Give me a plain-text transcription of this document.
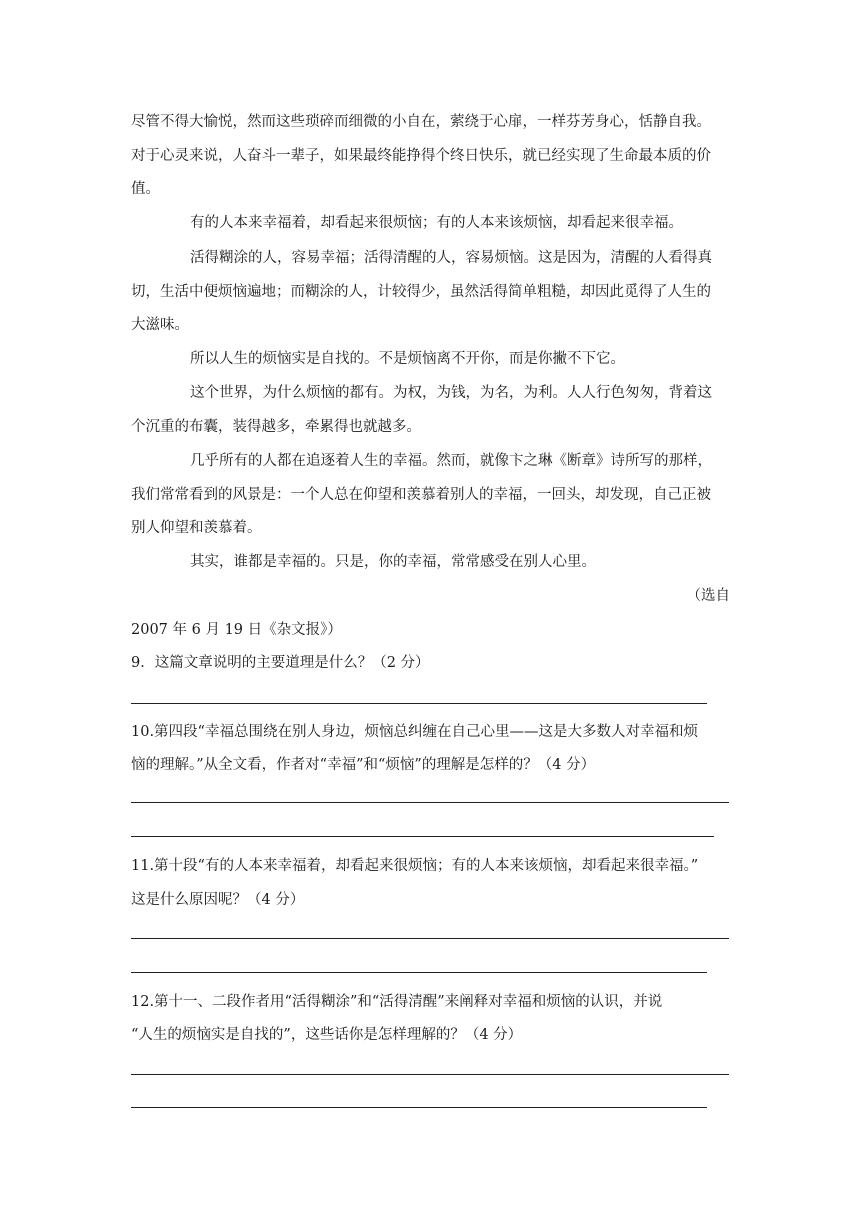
尽管不得大愉悦，然而这些琐碎而细微的小自在，萦绕于心扉，一样芬芳身心，恬静自我。
对于心灵来说，人奋斗一辈子，如果最终能挣得个终日快乐，就已经实现了生命最本质的价
值。
有的人本来幸福着，却看起来很烦恼；有的人本来该烦恼，却看起来很幸福。
活得糊涂的人，容易幸福；活得清醒的人，容易烦恼。这是因为，清醒的人看得真
切，生活中便烦恼遍地；而糊涂的人，计较得少，虽然活得简单粗糙，却因此觅得了人生的
大滋味。
所以人生的烦恼实是自找的。不是烦恼离不开你，而是你撇不下它。
这个世界，为什么烦恼的都有。为权，为钱，为名，为利。人人行色匆匆，背着这
个沉重的布囊，装得越多，牵累得也就越多。
几乎所有的人都在追逐着人生的幸福。然而，就像卞之琳《断章》诗所写的那样，
我们常常看到的风景是：一个人总在仰望和羡慕着别人的幸福，一回头，却发现，自己正被
别人仰望和羡慕着。
其实，谁都是幸福的。只是，你的幸福，常常感受在别人心里。
（选自
2007 年 6 月 19 日《杂文报》）
9．这篇文章说明的主要道理是什么？（2 分）
10.第四段“幸福总围绕在别人身边，烦恼总纠缠在自己心里——这是大多数人对幸福和烦
恼的理解。”从全文看，作者对“幸福”和“烦恼”的理解是怎样的？（4 分）
11.第十段“有的人本来幸福着，却看起来很烦恼；有的人本来该烦恼，却看起来很幸福。”
这是什么原因呢？（4 分）
12.第十一、二段作者用“活得糊涂”和“活得清醒”来阐释对幸福和烦恼的认识，并说
“人生的烦恼实是自找的”，这些话你是怎样理解的？（4 分）
